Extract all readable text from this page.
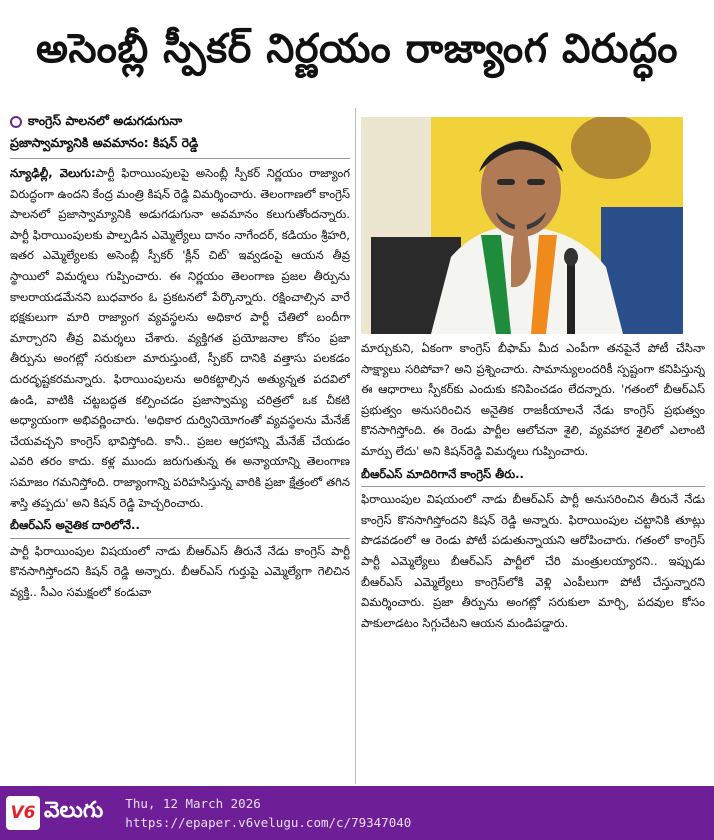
అసెంబ్లీ స్పీకర్ నిర్ణయం రాజ్యాంగ విరుద్ధం
కాంగ్రెస్ పాలనలో అడుగడుగునా
ప్రజాస్వామ్యానికి అవమానం: కిషన్ రెడ్డి

న్యూఢిల్లీ, వెలుగు:పార్టీ ఫిరాయింపులపై అసెంబ్లీ స్పీకర్ నిర్ణయం రాజ్యాంగ విరుద్ధంగా ఉందని కేంద్ర మంత్రి కిషన్ రెడ్డి విమర్శించారు. తెలంగాణలో కాంగ్రెస్ పాలనలో ప్రజాస్వామ్యానికి అడుగడుగునా అవమానం కలుగుతోందన్నారు. పార్టీ ఫిరాయింపులకు పాల్పడిన ఎమ్మెల్యేలు దానం నాగేందర్, కడియం శ్రీహరి, ఇతర ఎమ్మెల్యేలకు అసెంబ్లీ స్పీకర్ 'క్లీన్ చిట్' ఇవ్వడంపై ఆయన తీవ్ర స్థాయిలో విమర్శలు గుప్పించారు. ఈ నిర్ణయం తెలంగాణ ప్రజల తీర్పును కాలరాయడమేనని బుధవారం ఓ ప్రకటనలో పేర్కొన్నారు. రక్షించాల్సిన వారే భక్షకులుగా మారి రాజ్యాంగ వ్యవస్థలను అధికార పార్టీ చేతిలో బందీగా మార్చారని తీవ్ర విమర్శలు చేశారు. వ్యక్తిగత ప్రయోజనాల కోసం ప్రజా తీర్పును అంగట్లో సరుకులా మారుస్తుంటే, స్పీకర్ దానికి వత్తాసు పలకడం దురదృష్టకరమన్నారు. ఫిరాయింపులను అరికట్టాల్సిన అత్యున్నత పదవిలో ఉండి, వాటికి చట్టబద్ధత కల్పించడం ప్రజాస్వామ్య చరిత్రలో ఒక చీకటి అధ్యాయంగా అభివర్ణించారు. 'అధికార దుర్వినియోగంతో వ్యవస్థలను మేనేజ్ చేయవచ్చని కాంగ్రెస్ భావిస్తోంది. కానీ.. ప్రజల ఆగ్రహాన్ని మేనేజ్ చేయడం ఎవరి తరం కాదు. కళ్ల ముందు జరుగుతున్న ఈ అన్యాయాన్ని తెలంగాణ సమాజం గమనిస్తోంది. రాజ్యాంగాన్ని పరిహసిస్తున్న వారికి ప్రజా క్షేత్రంలో తగిన శాస్తి తప్పదు' అని కిషన్ రెడ్డి హెచ్చరించారు.

బీఆర్ఎస్ అనైతిక దారిలోనే..

పార్టీ ఫిరాయింపుల విషయంలో నాడు బీఆర్ఎస్ తీరునే నేడు కాంగ్రెస్ పార్టీ కొనసాగిస్తోందని కిషన్ రెడ్డి అన్నారు. బీఆర్ఎస్ గుర్తుపై ఎమ్మెల్యేగా గెలిచిన వ్యక్తి.. సీఎం సమక్షంలో కండువా

మార్చుకుని, ఏకంగా కాంగ్రెస్ బీఫామ్ మీద ఎంపీగా తనపైనే పోటీ చేసినా సాక్ష్యాలు సరిపోవా? అని ప్రశ్నించారు. సామాన్యులందరికీ స్పష్టంగా కనిపిస్తున్న ఈ ఆధారాలు స్పీకర్‌కు ఎందుకు కనిపించడం లేదన్నారు. 'గతంలో బీఆర్ఎస్ ప్రభుత్వం అనుసరించిన అనైతిక రాజకీయాలనే నేడు కాంగ్రెస్ ప్రభుత్వం కొనసాగిస్తోంది. ఈ రెండు పార్టీల ఆలోచనా శైలి, వ్యవహార శైలిలో ఎలాంటి మార్పు లేదు' అని కిషన్‌రెడ్డి విమర్శలు గుప్పించారు.

బీఆర్ఎస్ మాదిరిగానే కాంగ్రెస్ తీరు..

ఫిరాయింపుల విషయంలో నాడు బీఆర్ఎస్ పార్టీ అనుసరించిన తీరునే నేడు కాంగ్రెస్ కొనసాగిస్తోందని కిషన్ రెడ్డి అన్నారు. ఫిరాయింపుల చట్టానికి తూట్లు పొడవడంలో ఆ రెండు పోటీ పడుతున్నాయని ఆరోపించారు. గతంలో కాంగ్రెస్ పార్టీ ఎమ్మెల్యేలు బీఆర్ఎస్ పార్టీలో చేరి మంత్రులయ్యారని.. ఇప్పుడు బీఆర్ఎస్ ఎమ్మెల్యేలు కాంగ్రెస్‌లోకి వెళ్లి ఎంపీలుగా పోటీ చేస్తున్నారని విమర్శించారు. ప్రజా తీర్పును అంగట్లో సరుకులా మార్చి, పదవుల కోసం పాకులాడటం సిగ్గుచేటని ఆయన మండిపడ్డారు.

V6 వెలుగు Thu, 12 March 2026
https://epaper.v6velugu.com/c/79347040
